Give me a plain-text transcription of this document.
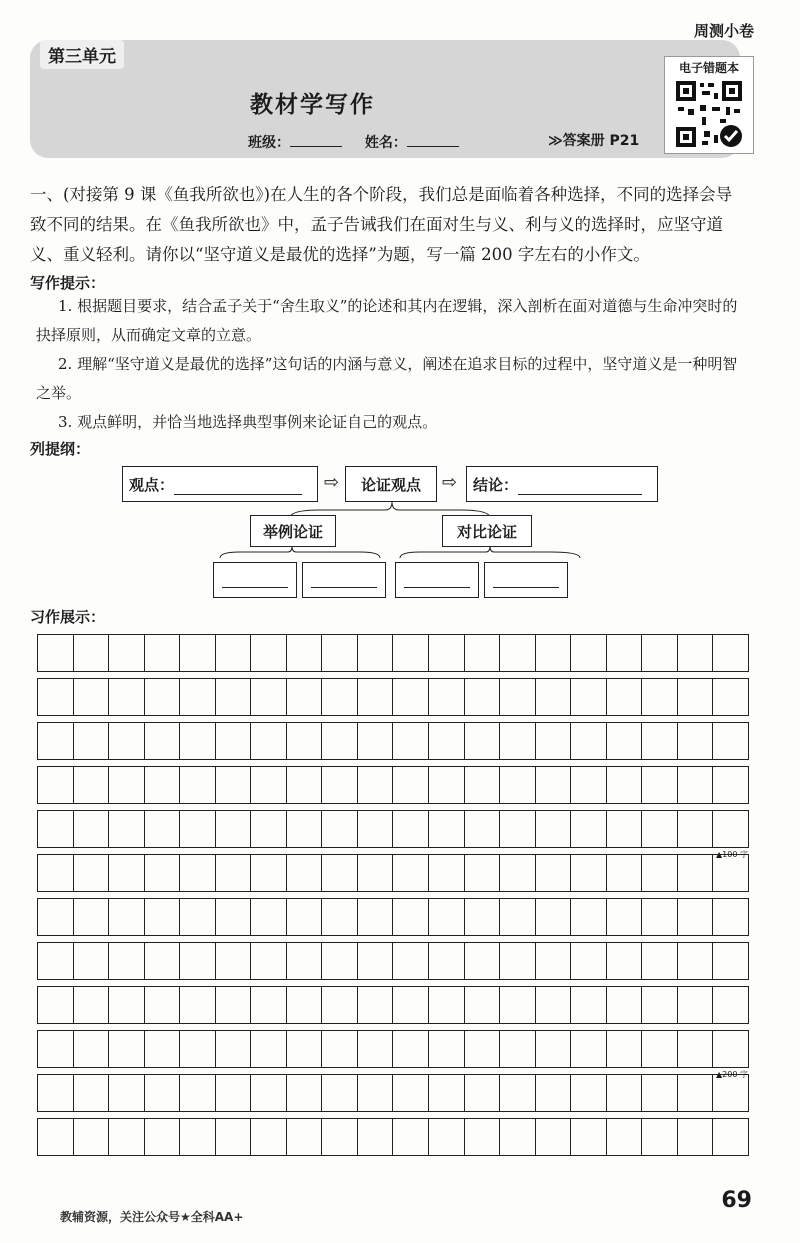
周测小卷
第三单元
教材学写作
班级：	姓名：	≫答案册 P21
电子错题本
一、(对接第 9 课《鱼我所欲也》)在人生的各个阶段，我们总是面临着各种选择，不同的选择会导致不同的结果。在《鱼我所欲也》中，孟子告诫我们在面对生与义、利与义的选择时，应坚守道义、重义轻利。请你以“坚守道义是最优的选择”为题，写一篇 200 字左右的小作文。
写作提示：
1. 根据题目要求，结合孟子关于“舍生取义”的论述和其内在逻辑，深入剖析在面对道德与生命冲突时的抉择原则，从而确定文章的立意。
2. 理解“坚守道义是最优的选择”这句话的内涵与意义，阐述在追求目标的过程中，坚守道义是一种明智之举。
3. 观点鲜明，并恰当地选择典型事例来论证自己的观点。
列提纲：
观点：	⇨	论证观点	⇨	结论：
举例论证	对比论证
习作展示：
▲100 字
▲200 字
69
教辅资源，关注公众号★全科AA+
